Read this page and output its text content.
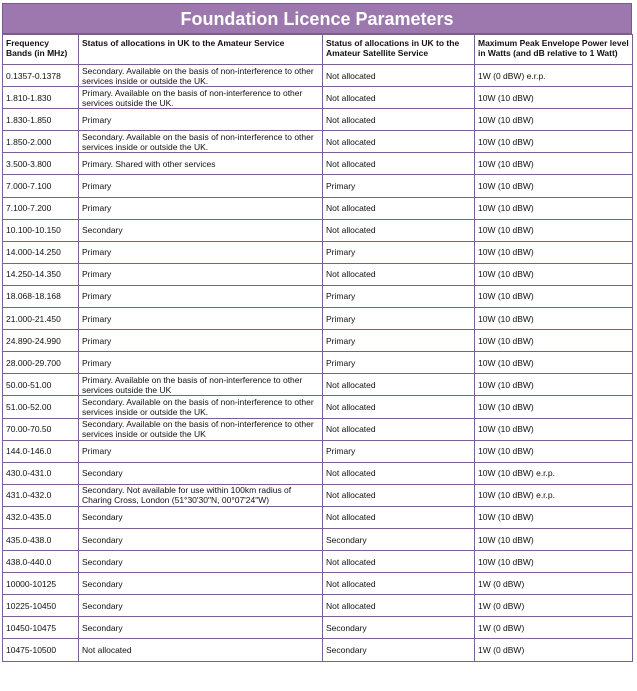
Foundation Licence Parameters
Frequency Bands (in MHz)	Status of allocations in UK to the Amateur Service	Status of allocations in UK to the Amateur Satellite Service	Maximum Peak Envelope Power level in Watts (and dB relative to 1 Watt)
0.1357-0.1378	Secondary. Available on the basis of non-interference to other services inside or outside the UK.	Not allocated	1W (0 dBW) e.r.p.
1.810-1.830	Primary. Available on the basis of non-interference to other services outside the UK.	Not allocated	10W (10 dBW)
1.830-1.850	Primary	Not allocated	10W (10 dBW)
1.850-2.000	Secondary. Available on the basis of non-interference to other services inside or outside the UK.	Not allocated	10W (10 dBW)
3.500-3.800	Primary. Shared with other services	Not allocated	10W (10 dBW)
7.000-7.100	Primary	Primary	10W (10 dBW)
7.100-7.200	Primary	Not allocated	10W (10 dBW)
10.100-10.150	Secondary	Not allocated	10W (10 dBW)
14.000-14.250	Primary	Primary	10W (10 dBW)
14.250-14.350	Primary	Not allocated	10W (10 dBW)
18.068-18.168	Primary	Primary	10W (10 dBW)
21.000-21.450	Primary	Primary	10W (10 dBW)
24.890-24.990	Primary	Primary	10W (10 dBW)
28.000-29.700	Primary	Primary	10W (10 dBW)
50.00-51.00	Primary. Available on the basis of non-interference to other services outside the UK	Not allocated	10W (10 dBW)
51.00-52.00	Secondary. Available on the basis of non-interference to other services inside or outside the UK.	Not allocated	10W (10 dBW)
70.00-70.50	Secondary. Available on the basis of non-interference to other services inside or outside the UK	Not allocated	10W (10 dBW)
144.0-146.0	Primary	Primary	10W (10 dBW)
430.0-431.0	Secondary	Not allocated	10W (10 dBW) e.r.p.
431.0-432.0	Secondary. Not available for use within 100km radius of Charing Cross, London (51°30'30"N, 00°07'24"W)	Not allocated	10W (10 dBW) e.r.p.
432.0-435.0	Secondary	Not allocated	10W (10 dBW)
435.0-438.0	Secondary	Secondary	10W (10 dBW)
438.0-440.0	Secondary	Not allocated	10W (10 dBW)
10000-10125	Secondary	Not allocated	1W (0 dBW)
10225-10450	Secondary	Not allocated	1W (0 dBW)
10450-10475	Secondary	Secondary	1W (0 dBW)
10475-10500	Not allocated	Secondary	1W (0 dBW)
